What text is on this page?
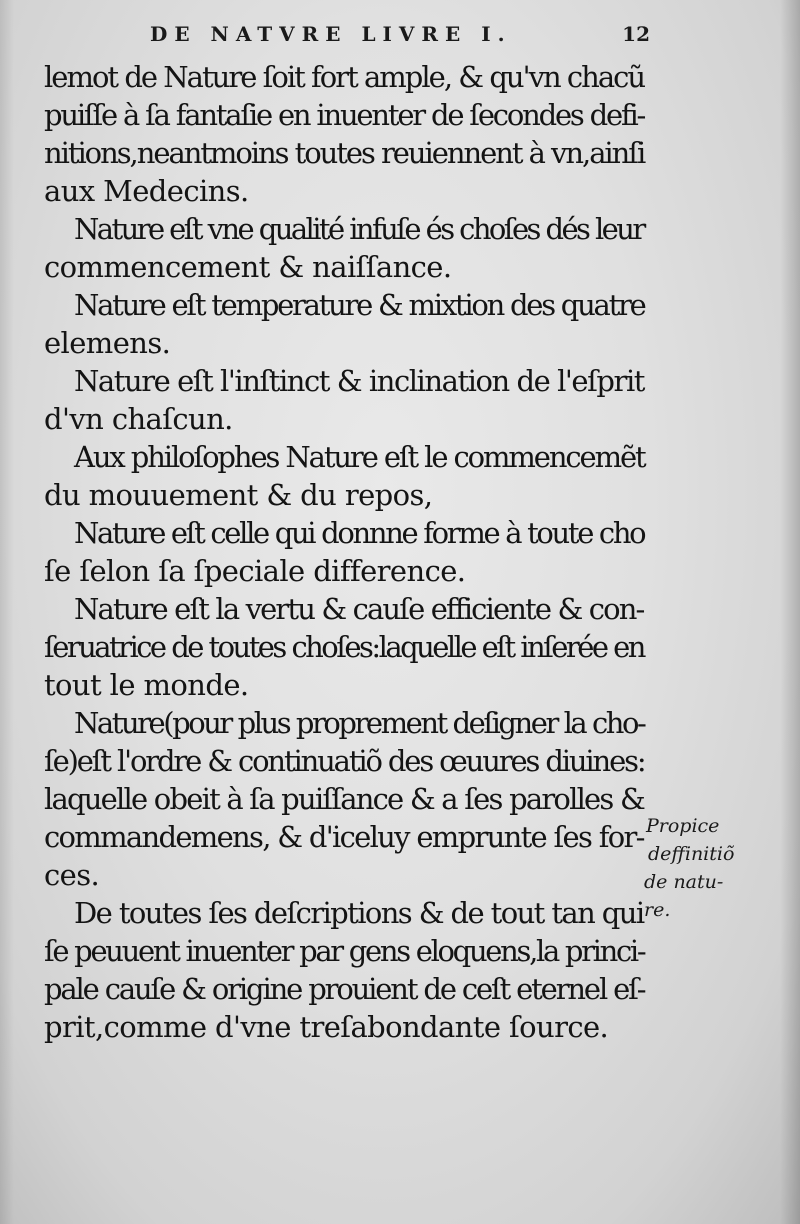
DE NATVRE LIVRE I.	12
lemot de Nature ſoit fort ample, & qu'vn chacũ
puiſſe à ſa fantaſie en inuenter de ſecondes defi-
nitions,neantmoins toutes reuiennent à vn,ainſi
aux Medecins.
Nature eſt vne qualité infuſe és choſes dés leur
commencement & naiſſance.
Nature eſt temperature & mixtion des quatre
elemens.
Nature eſt l'inſtinct & inclination de l'eſprit
d'vn chaſcun.
Aux philoſophes Nature eſt le commencemẽt
du mouuement & du repos,
Nature eſt celle qui donnne forme à toute cho
ſe ſelon ſa ſpeciale difference.
Nature eſt la vertu & cauſe efficiente & con-
ſeruatrice de toutes choſes:laquelle eſt inſerée en
tout le monde.
Nature(pour plus proprement deſigner la cho-
ſe)eſt l'ordre & continuatiõ des œuures diuines:
laquelle obeit à ſa puiſſance & a ſes parolles &
commandemens, & d'iceluy emprunte ſes for-
ces.
De toutes ſes deſcriptions & de tout tan qui
ſe peuuent inuenter par gens eloquens,la princi-
pale cauſe & origine prouient de ceſt eternel eſ-
prit,comme d'vne treſabondante ſource.
Propice
deffinitiõ
de natu-
re.
